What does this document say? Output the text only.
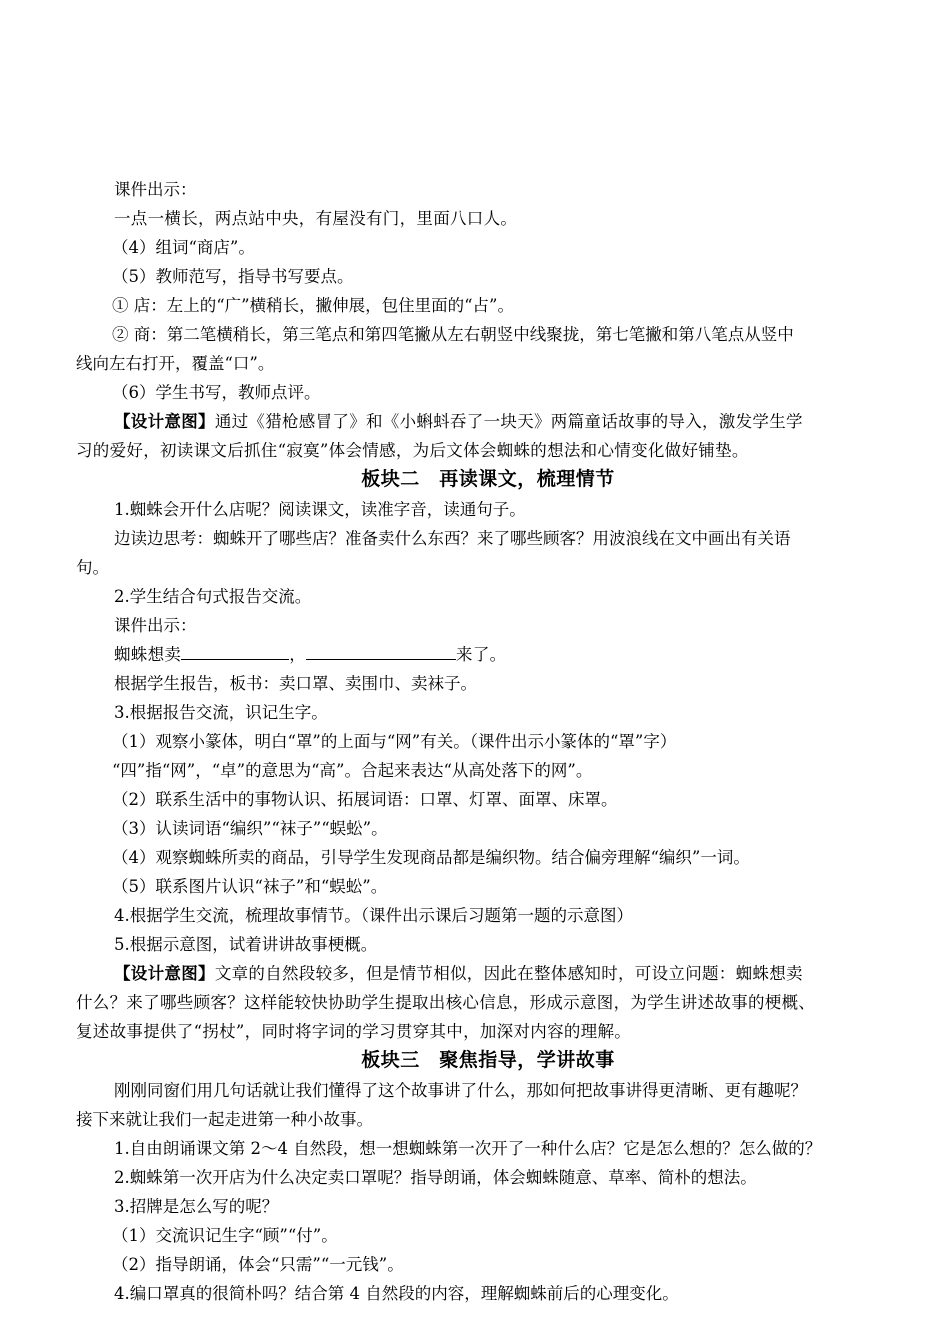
课件出示：
一点一横长，两点站中央，有屋没有门，里面八口人。
（4）组词“商店”。
（5）教师范写，指导书写要点。
① 店：左上的“广”横稍长，撇伸展，包住里面的“占”。
② 商：第二笔横稍长，第三笔点和第四笔撇从左右朝竖中线聚拢，第七笔撇和第八笔点从竖中
线向左右打开，覆盖“口”。
（6）学生书写，教师点评。
【设计意图】通过《猎枪感冒了》和《小蝌蚪吞了一块天》两篇童话故事的导入，激发学生学
习的爱好，初读课文后抓住“寂寞”体会情感，为后文体会蜘蛛的想法和心情变化做好铺垫。
板块二　再读课文，梳理情节
1.蜘蛛会开什么店呢？阅读课文，读准字音，读通句子。
边读边思考：蜘蛛开了哪些店？准备卖什么东西？来了哪些顾客？用波浪线在文中画出有关语
句。
2.学生结合句式报告交流。
课件出示：
蜘蛛想卖	，	来了。
根据学生报告，板书：卖口罩、卖围巾、卖袜子。
3.根据报告交流，识记生字。
（1）观察小篆体，明白“罩”的上面与“网”有关。（课件出示小篆体的“罩”字）
“四”指“网”，“卓”的意思为“高”。合起来表达“从高处落下的网”。
（2）联系生活中的事物认识、拓展词语：口罩、灯罩、面罩、床罩。
（3）认读词语“编织”“袜子”“蜈蚣”。
（4）观察蜘蛛所卖的商品，引导学生发现商品都是编织物。结合偏旁理解“编织”一词。
（5）联系图片认识“袜子”和“蜈蚣”。
4.根据学生交流，梳理故事情节。（课件出示课后习题第一题的示意图）
5.根据示意图，试着讲讲故事梗概。
【设计意图】文章的自然段较多，但是情节相似，因此在整体感知时，可设立问题：蜘蛛想卖
什么？来了哪些顾客？这样能较快协助学生提取出核心信息，形成示意图，为学生讲述故事的梗概、
复述故事提供了“拐杖”，同时将字词的学习贯穿其中，加深对内容的理解。
板块三　聚焦指导，学讲故事
刚刚同窗们用几句话就让我们懂得了这个故事讲了什么，那如何把故事讲得更清晰、更有趣呢？
接下来就让我们一起走进第一种小故事。
1.自由朗诵课文第 2～4 自然段，想一想蜘蛛第一次开了一种什么店？它是怎么想的？怎么做的？
2.蜘蛛第一次开店为什么决定卖口罩呢？指导朗诵，体会蜘蛛随意、草率、简朴的想法。
3.招牌是怎么写的呢？
（1）交流识记生字“顾”“付”。
（2）指导朗诵，体会“只需”“一元钱”。
4.编口罩真的很简朴吗？结合第 4 自然段的内容，理解蜘蛛前后的心理变化。
